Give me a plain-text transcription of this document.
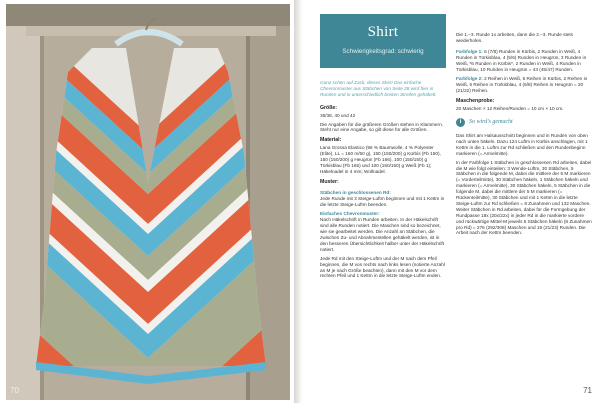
70
Shirt
Schwierigkeitsgrad: schwierig

Ganz schön auf Zack, dieses Shirt! Das einfache Chevronmuster aus Stäbchen von Seite 28 wird hier in Runden und in unterschiedlich breiten Streifen gehäkelt.

Größe:

36/38, 40 und 42

Die Angaben für die größeren Größen stehen in Klammern. Steht nur eine Angabe, so gilt diese für alle Größen.

Material:

Lana Grossa Elastico (96 % Baumwolle, 4 % Polyester (Elite), LL = 160 m/50 g), 150 (150/200) g Kürbis (Fb 150), 150 (150/200) g Heugrün (Fb 166), 100 (150/150) g Türkisblau (Fb 165) und 100 (150/150) g Weiß (Fb 1); Häkelnadel in 4 mm; Wollnadel.

Muster:
Stäbchen in geschlossenen Rd:

Jede Runde mit 3 Steige-Luftm beginnen und mit 1 Kettm in die letzte Steige-Luftm beenden.

Einfaches Chevronmuster:

Nach Häkelschrift in Runden arbeiten. In der Häkelschrift sind alle Runden notiert. Die Maschen sind so bezeichnet, wie sie gearbeitet werden. Die Anzahl an Stäbchen, die zwischen Zu- und Abnahmestellen gehäkelt werden, ist in den besseren Übersichtlichkeit halber unter der Häkelschrift notiert.

Jede Rd mit den Steige-Luftm und der M nach dem Pfeil beginnen, die M von rechts nach links lesen (notierte Anzahl an M je nach Größe beachten), dann mit den M vor dem rechten Pfeil und 1 Kettm in die letzte Steige-Luftm enden.

Die 1.–3. Runde 1x arbeiten, dann die 2.–3. Runde stets wiederholen.

Farbfolge 1: 6 (7/8) Runden in Kürbis, 2 Runden in Weiß, 4 Runden in Türkisblau, 4 (5/6) Runden in Heugrün, 3 Runden in Weiß, *6 Runden in Kürbis*, 2 Runden in Weiß, 4 Runden in Türkisblau, 10 Runden in Heugrün = 43 (45/47) Runden.

Farbfolge 2: 2 Reihen in Weiß, 6 Reihen in Kürbis, 2 Reihen in Weiß, 6 Reihen in Türkisblau, 4 (6/8) Reihen in Heugrün = 20 (21/22) Reihen.

Maschenprobe:

20 Maschen × 12 Reihen/Runden = 10 cm × 10 cm.

i	So wird's gemacht

Das Shirt am Halsausschnitt beginnen und in Runden von oben nach unten häkeln. Dazu 124 Luftm in Kürbis anschlagen, mit 1 Kettm in die 1. Luftm zur Rd schließen und den Rundenbeginn markieren (= Armelmitte).

In der Farbfolge 1 Stäbchen in geschlossenen Rd arbeiten, dabei die M wie folgt einteilen: 3 Wende-Luftm, 30 Stäbchen, 5 Stäbchen in die folgende M, dabei die mittlere der 5 M markieren (= Vorderteilmitte), 30 Stäbchen häkeln, 1 Stäbchen häkeln und markieren (= Armelmitte), 30 Stäbchen häkeln, 5 Stäbchen in die folgende M, dabei die mittlere der 5 M markieren (= Rückenteilmitte), 30 Stäbchen und mit 1 Kettm in die letzte Steige-Luftm zur Rd schließen = 8 Zunahmen und 132 Maschen. Weiter Stäbchen in Rd arbeiten, dabei für die Formgebung der Rundpasse 18x (20x/22x) in jeder Rd in die markierte vordere und rückwärtige Mittel-M jeweils 5 Stäbchen häkeln (8 Zunahmen pro Rd) = 276 (292/308) Maschen und 19 (21/23) Runden. Die Arbeit nach der Kettm beenden.

71
